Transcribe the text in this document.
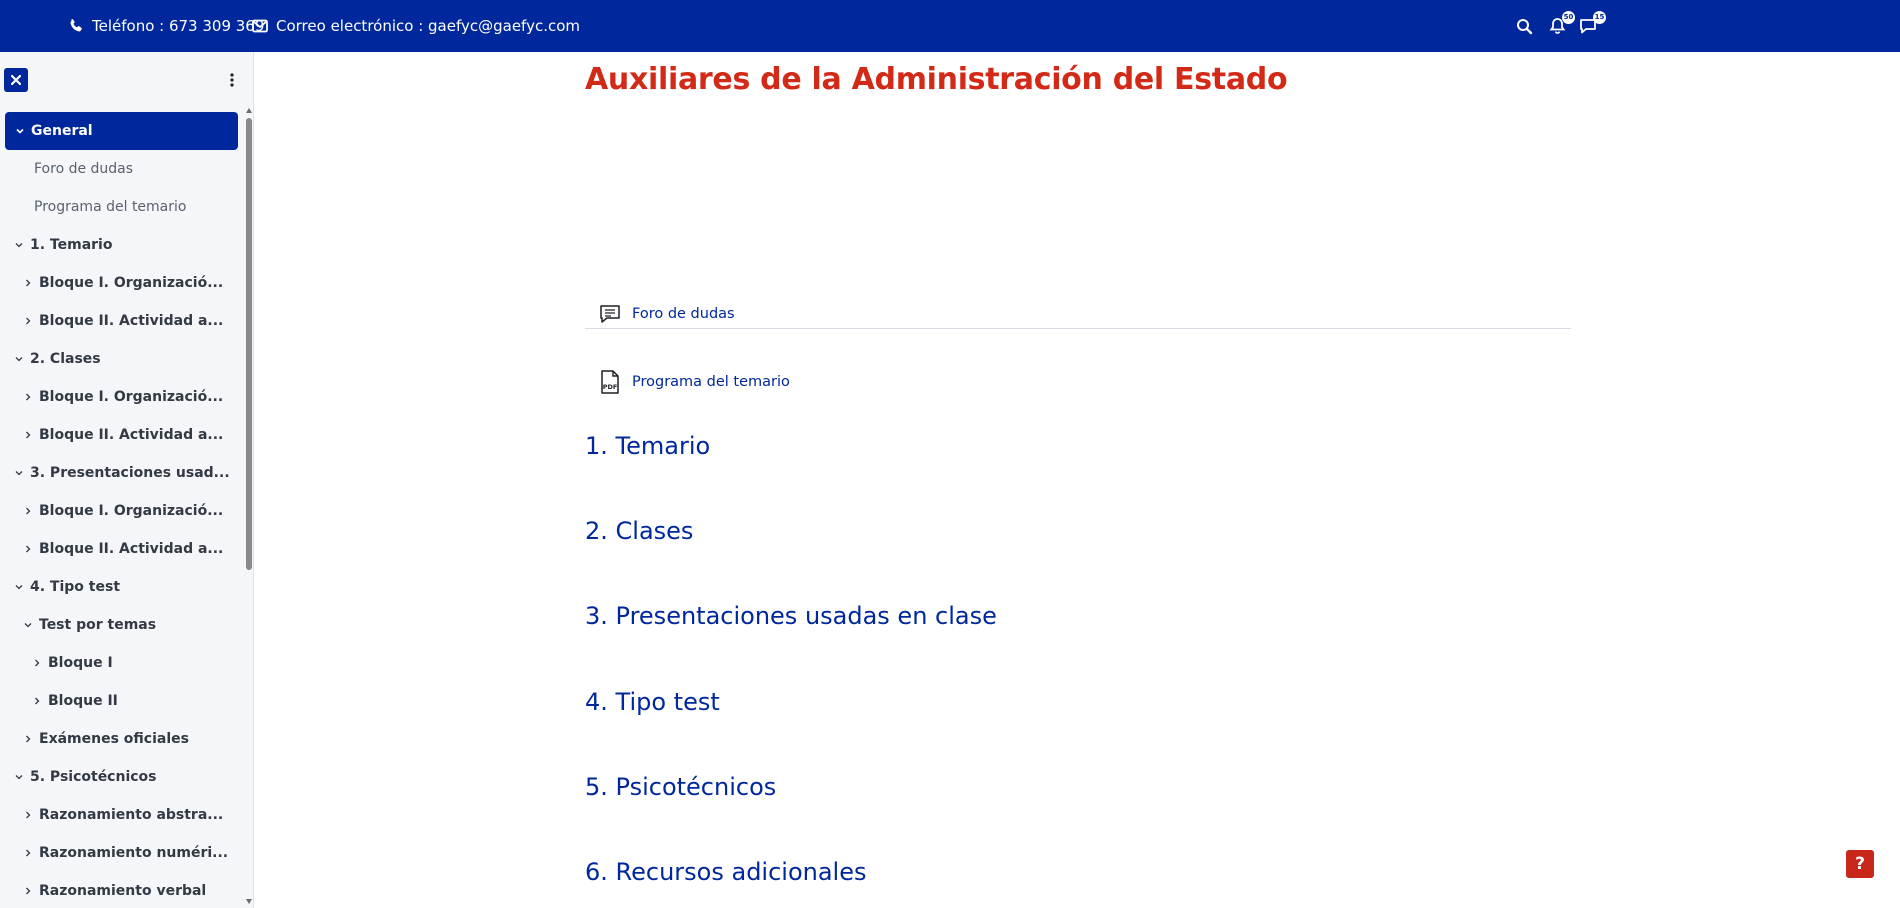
Teléfono : 673 309 369 Correo electrónico : gaefyc@gaefyc.com	50	15
General
Foro de dudas
Programa del temario
1. Temario
Bloque I. Organizació...
Bloque II. Actividad a...
2. Clases
Bloque I. Organizació...
Bloque II. Actividad a...
3. Presentaciones usad...
Bloque I. Organizació...
Bloque II. Actividad a...
4. Tipo test
Test por temas
Bloque I
Bloque II
Exámenes oficiales
5. Psicotécnicos
Razonamiento abstra...
Razonamiento numéri...
Razonamiento verbal
Auxiliares de la Administración del Estado
Foro de dudas
PDF Programa del temario
1. Temario
2. Clases
3. Presentaciones usadas en clase
4. Tipo test
5. Psicotécnicos
6. Recursos adicionales	?
